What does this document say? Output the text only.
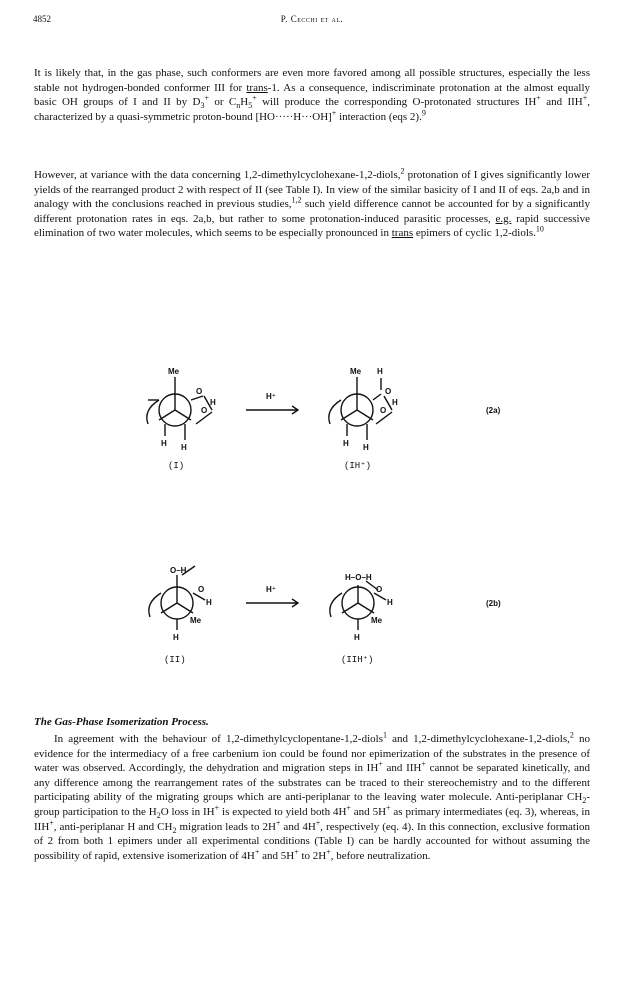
4852	P. Cecchi et al.
It is likely that, in the gas phase, such conformers are even more favored among all possible structures, especially the less stable not hydrogen-bonded conformer III for trans-1. As a consequence, indiscriminate protonation at the almost equally basic OH groups of I and II by $D_3^+$ or $C_nH_5^+$ will produce the corresponding O-protonated structures IH+ and IIH+, characterized by a quasi-symmetric proton-bound [HO·····H···OH]+ interaction (eqs 2).$^9$
However, at variance with the data concerning 1,2-dimethylcyclohexane-1,2-diols,$^2$ protonation of I gives significantly lower yields of the rearranged product 2 with respect of II (see Table I). In view of the similar basicity of I and II of eqs. 2a,b and in analogy with the conclusions reached in previous studies,$^{1,2}$ such yield difference cannot be accounted for by a significantly different protonation rates in eqs. 2a,b, but rather to some protonation-induced parasitic processes, e.g. rapid successive elimination of two water molecules, which seems to be especially pronounced in trans epimers of cyclic 1,2-diols.$^{10}$
Me
O
H
O
H H
(I)
H⁺
Me H
O
H
O
H H
(IH⁺)
(2a)
O–H
O
H
Me
H
(II)
H⁺
H–O–H
O
H
Me
H
(IIH⁺)
(2b)
The Gas-Phase Isomerization Process.
In agreement with the behaviour of 1,2-dimethylcyclopentane-1,2-diols$^1$ and 1,2-dimethylcyclohexane-1,2-diols,$^2$ no evidence for the intermediacy of a free carbenium ion could be found nor epimerization of the substrates in the presence of water was observed. Accordingly, the dehydration and migration steps in IH+ and IIH+ cannot be separated kinetically, and any difference among the rearrangement rates of the substrates can be traced to their stereochemistry and to the different participating ability of the migrating groups which are anti-periplanar to the leaving water molecule. Anti-periplanar $CH_2$-group participation to the $H_2O$ loss in IH+ is expected to yield both 4H+ and 5H+ as primary intermediates (eq. 3), whereas, in IIH+, anti-periplanar H and $CH_2$ migration leads to 2H+ and 4H+, respectively (eq. 4). In this connection, exclusive formation of 2 from both 1 epimers under all experimental conditions (Table I) can be hardly accounted for without assuming the possibility of rapid, extensive isomerization of 4H+ and 5H+ to 2H+, before neutralization.
